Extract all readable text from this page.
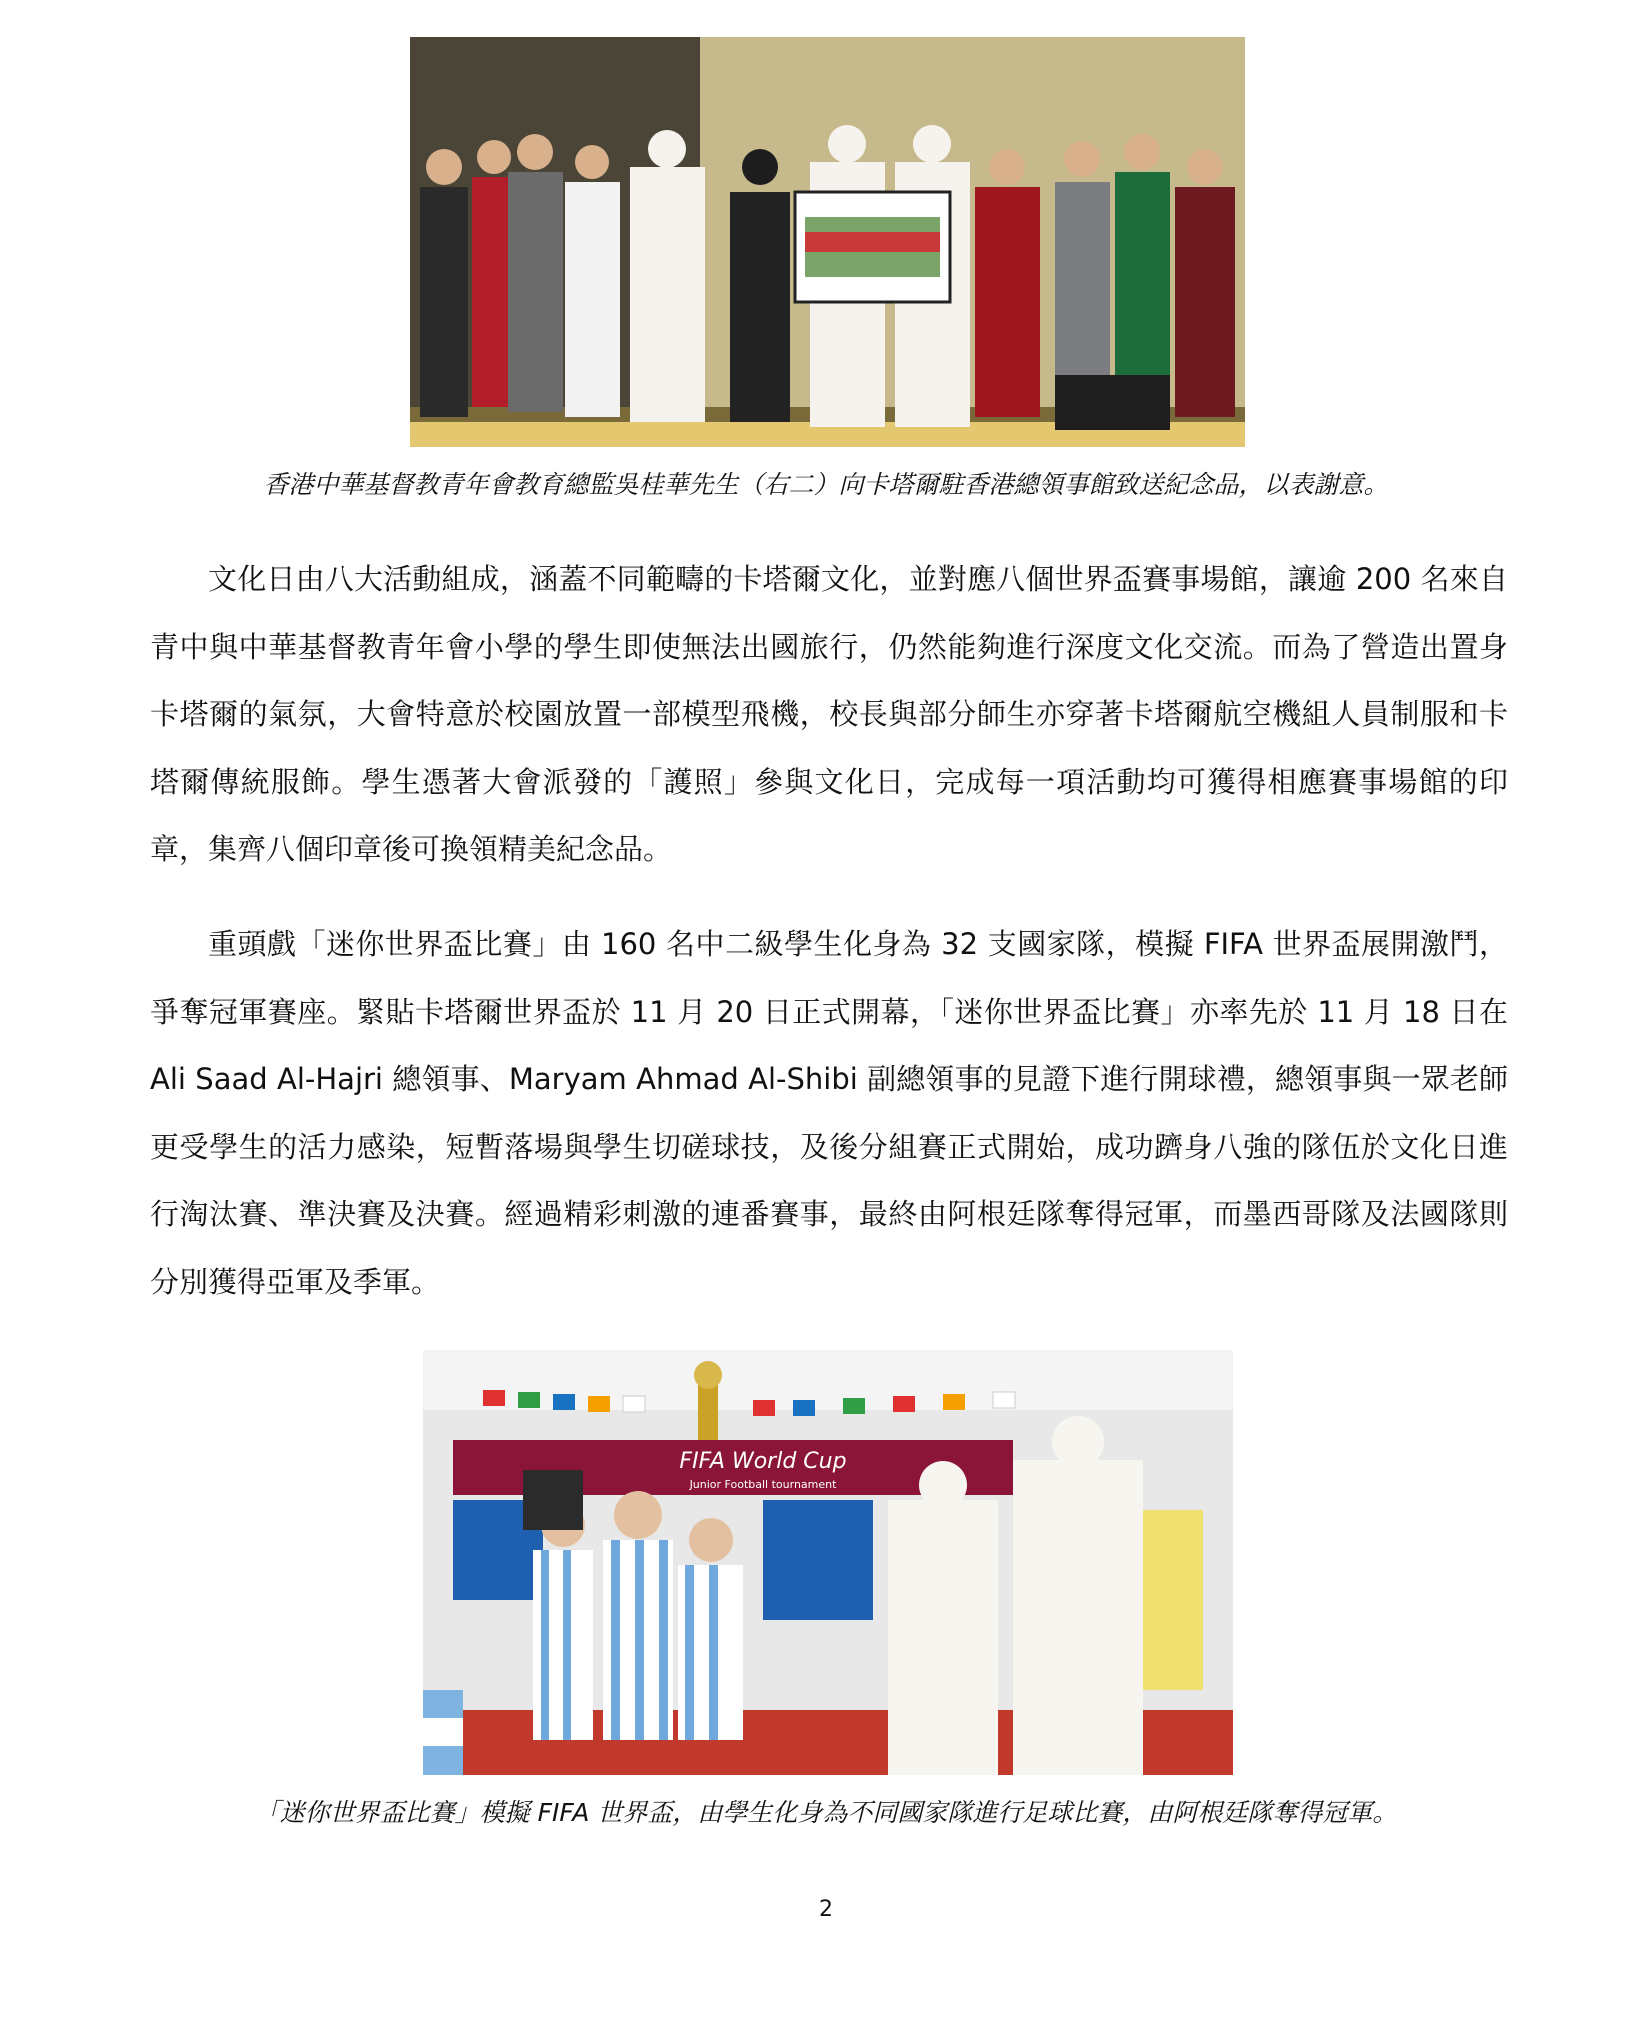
香港中華基督教青年會教育總監吳桂華先生（右二）向卡塔爾駐香港總領事館致送紀念品，以表謝意。

文化日由八大活動組成，涵蓋不同範疇的卡塔爾文化，並對應八個世界盃賽事場館，讓逾 200 名來自青中與中華基督教青年會小學的學生即使無法出國旅行，仍然能夠進行深度文化交流。而為了營造出置身卡塔爾的氣氛，大會特意於校園放置一部模型飛機，校長與部分師生亦穿著卡塔爾航空機組人員制服和卡塔爾傳統服飾。學生憑著大會派發的「護照」參與文化日，完成每一項活動均可獲得相應賽事場館的印章，集齊八個印章後可換領精美紀念品。

重頭戲「迷你世界盃比賽」由 160 名中二級學生化身為 32 支國家隊，模擬 FIFA 世界盃展開激鬥，爭奪冠軍賽座。緊貼卡塔爾世界盃於 11 月 20 日正式開幕，「迷你世界盃比賽」亦率先於 11 月 18 日在 Ali Saad Al-Hajri 總領事、Maryam Ahmad Al-Shibi 副總領事的見證下進行開球禮，總領事與一眾老師更受學生的活力感染，短暫落場與學生切磋球技，及後分組賽正式開始，成功躋身八強的隊伍於文化日進行淘汰賽、準決賽及決賽。經過精彩刺激的連番賽事，最終由阿根廷隊奪得冠軍，而墨西哥隊及法國隊則分別獲得亞軍及季軍。

FIFA World Cup
Junior Football tournament
「迷你世界盃比賽」模擬 FIFA 世界盃，由學生化身為不同國家隊進行足球比賽，由阿根廷隊奪得冠軍。
2
